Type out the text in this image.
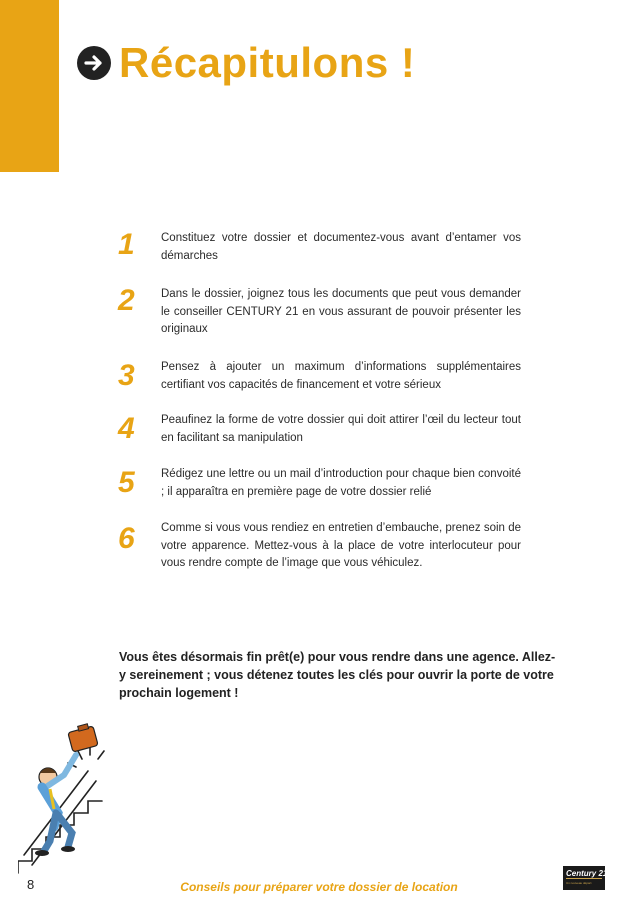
Récapitulons !
1 Constituez votre dossier et documentez-vous avant d’entamer vos démarches
2 Dans le dossier, joignez tous les documents que peut vous demander le conseiller CENTURY 21 en vous assurant de pouvoir présenter les originaux
3 Pensez à ajouter un maximum d’informations supplémentaires certifiant vos capacités de financement et votre sérieux
4 Peaufinez la forme de votre dossier qui doit attirer l’œil du lecteur tout en facilitant sa manipulation
5 Rédigez une lettre ou un mail d’introduction pour chaque bien convoité ; il apparaîtra en première page de votre dossier relié
6 Comme si vous vous rendiez en entretien d’embauche, prenez soin de votre apparence. Mettez-vous à la place de votre interlocuteur pour vous rendre compte de l’image que vous véhiculez.
Vous êtes désormais fin prêt(e) pour vous rendre dans une agence. Allez-y sereinement ; vous détenez toutes les clés pour ouvrir la porte de votre prochain logement !
8	Conseils pour préparer votre dossier de location
Century 21
Un nouveau départ
